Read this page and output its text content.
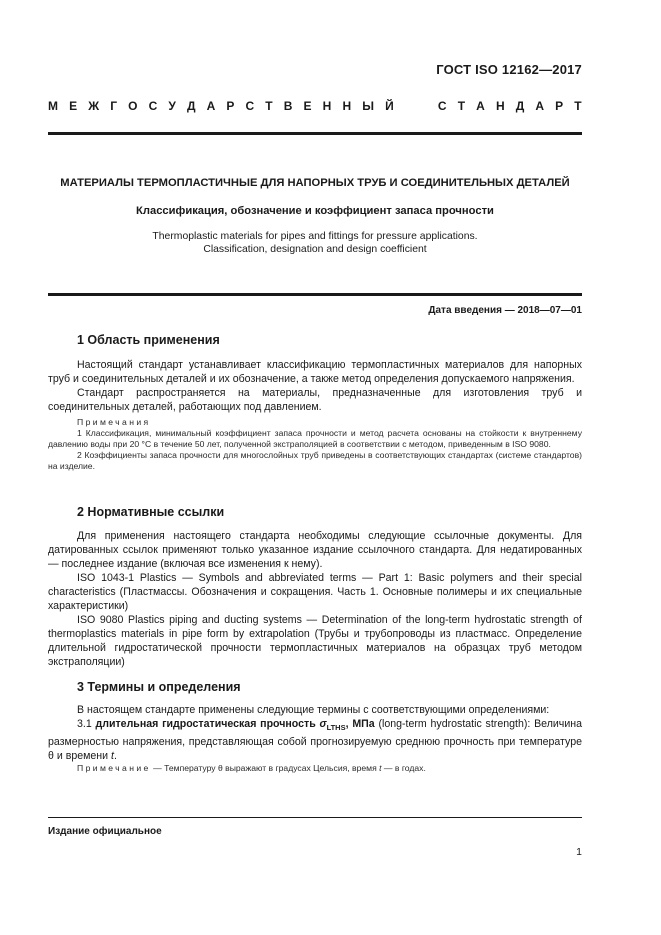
ГОСТ ISO 12162—2017
М Е Ж Г О С У Д А Р С Т В Е Н Н Ы Й	С Т А Н Д А Р Т
МАТЕРИАЛЫ ТЕРМОПЛАСТИЧНЫЕ ДЛЯ НАПОРНЫХ ТРУБ И СОЕДИНИТЕЛЬНЫХ ДЕТАЛЕЙ
Классификация, обозначение и коэффициент запаса прочности
Thermoplastic materials for pipes and fittings for pressure applications.
Classification, designation and design coefficient
Дата введения — 2018—07—01
1 Область применения

Настоящий стандарт устанавливает классификацию термопластичных материалов для напорных труб и соединительных деталей и их обозначение, а также метод определения допускаемого напряжения.

Стандарт распространяется на материалы, предназначенные для изготовления труб и соединительных деталей, работающих под давлением.

Примечания

1 Классификация, минимальный коэффициент запаса прочности и метод расчета основаны на стойкости к внутреннему давлению воды при 20 °С в течение 50 лет, полученной экстраполяцией в соответствии с методом, приведенным в ISO 9080.

2 Коэффициенты запаса прочности для многослойных труб приведены в соответствующих стандартах (системе стандартов) на изделие.

2 Нормативные ссылки

Для применения настоящего стандарта необходимы следующие ссылочные документы. Для датированных ссылок применяют только указанное издание ссылочного стандарта. Для недатированных — последнее издание (включая все изменения к нему).

ISO 1043-1 Plastics — Symbols and abbreviated terms — Part 1: Basic polymers and their special characteristics (Пластмассы. Обозначения и сокращения. Часть 1. Основные полимеры и их специальные характеристики)

ISO 9080 Plastics piping and ducting systems — Determination of the long-term hydrostatic strength of thermoplastics materials in pipe form by extrapolation (Трубы и трубопроводы из пластмасс. Определение длительной гидростатической прочности термопластичных материалов на образцах труб методом экстраполяции)

3 Термины и определения

В настоящем стандарте применены следующие термины с соответствующими определениями:

3.1 длительная гидростатическая прочность $\sigma_{LTHS}$, МПа (long-term hydrostatic strength): Величина размерностью напряжения, представляющая собой прогнозируемую среднюю прочность при температуре θ и времени t.

Примечание — Температуру θ выражают в градусах Цельсия, время t — в годах.

Издание официальное
1
